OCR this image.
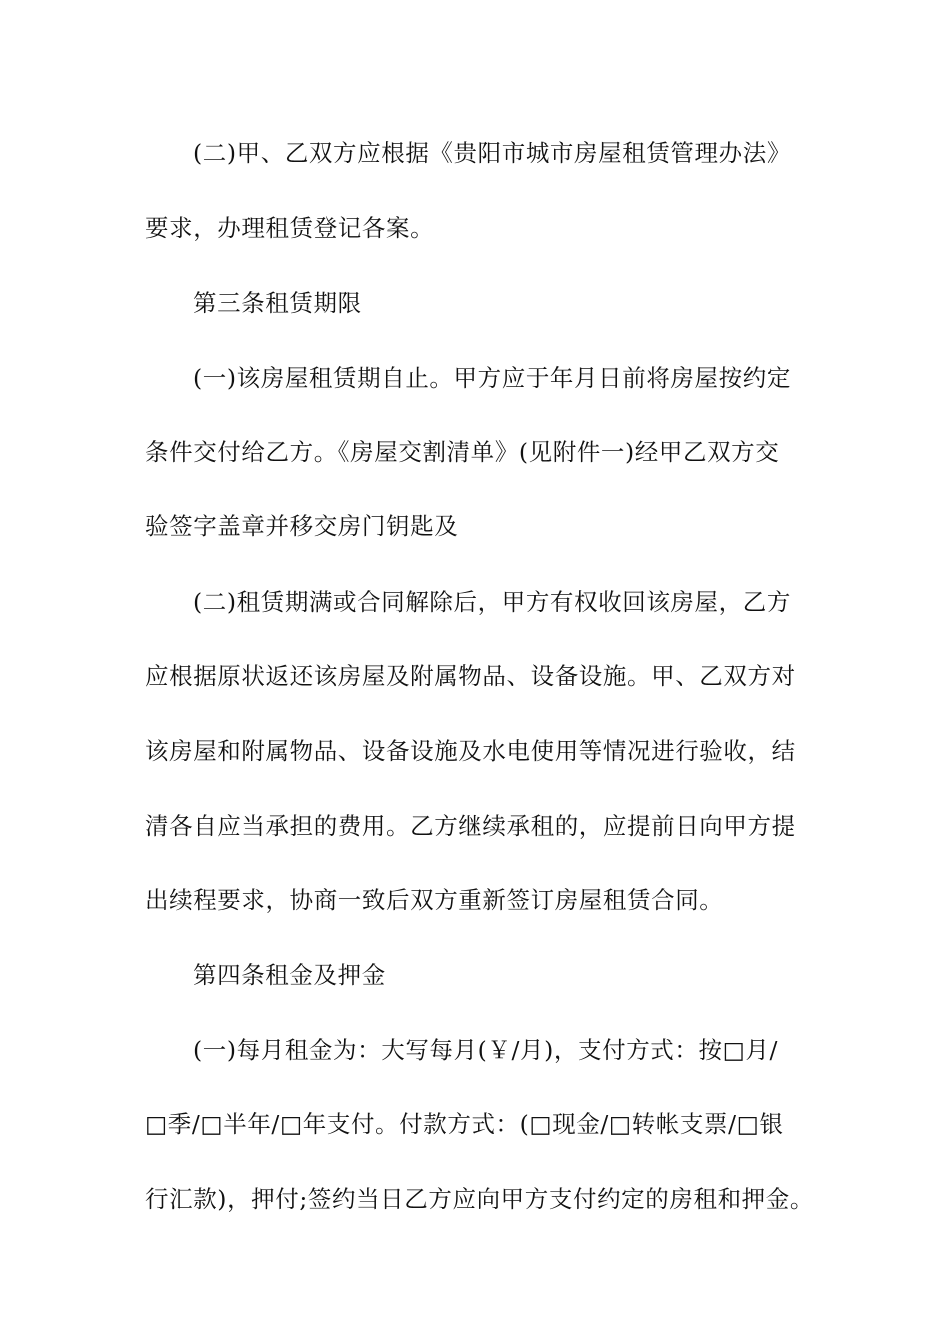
(二)甲、乙双方应根据《贵阳市城市房屋租赁管理办法》
要求，办理租赁登记各案。
第三条租赁期限
(一)该房屋租赁期自止。甲方应于年月日前将房屋按约定
条件交付给乙方。《房屋交割清单》(见附件一)经甲乙双方交
验签字盖章并移交房门钥匙及
(二)租赁期满或合同解除后，甲方有权收回该房屋，乙方
应根据原状返还该房屋及附属物品、设备设施。甲、乙双方对
该房屋和附属物品、设备设施及水电使用等情况进行验收，结
清各自应当承担的费用。乙方继续承租的，应提前日向甲方提
出续程要求，协商一致后双方重新签订房屋租赁合同。
第四条租金及押金
(一)每月租金为：大写每月(￥/月)，支付方式：按□月/
□季/□半年/□年支付。付款方式：(□现金/□转帐支票/□银
行汇款)，押付;签约当日乙方应向甲方支付约定的房租和押金。
